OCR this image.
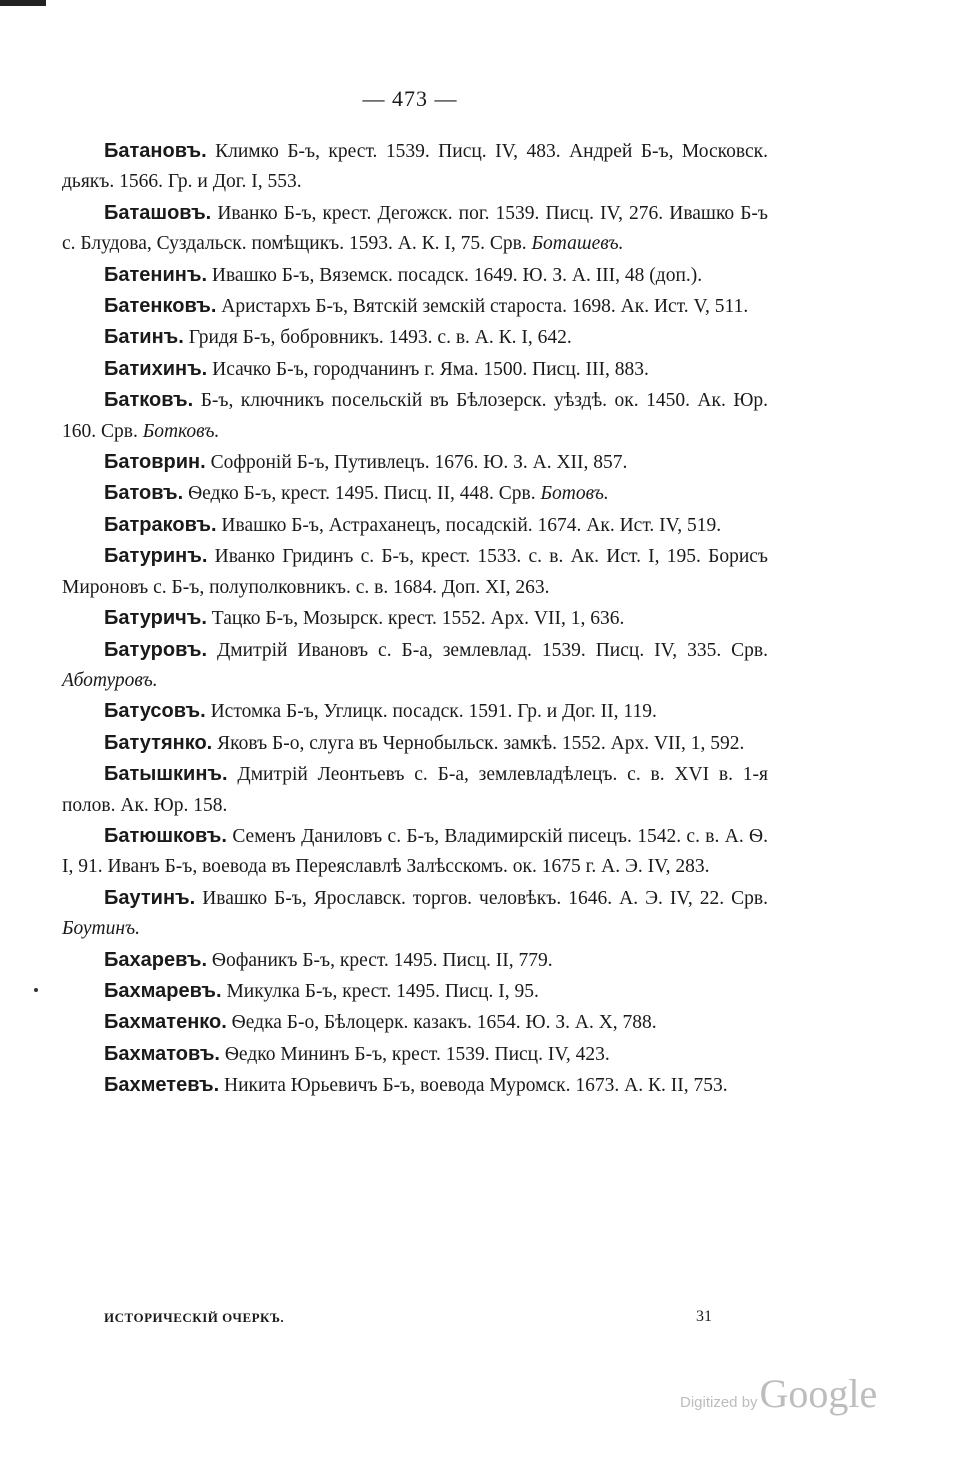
— 473 —

Батановъ. Климко Б-ъ, крест. 1539. Писц. IV, 483. Андрей Б-ъ, Московск. дьякъ. 1566. Гр. и Дог. I, 553.

Баташовъ. Иванко Б-ъ, крест. Дегожск. пог. 1539. Писц. IV, 276. Ивашко Б-ъ с. Блудова, Суздальск. помѣщикъ. 1593. А. К. I, 75. Срв. Боташевъ.

Батенинъ. Ивашко Б-ъ, Вяземск. посадск. 1649. Ю. З. А. III, 48 (доп.).

Батенковъ. Аристархъ Б-ъ, Вятскій земскій староста. 1698. Ак. Ист. V, 511.

Батинъ. Гридя Б-ъ, бобровникъ. 1493. с. в. А. К. I, 642.

Батихинъ. Исачко Б-ъ, городчанинъ г. Яма. 1500. Писц. III, 883.

Батковъ. Б-ъ, ключникъ посельскій въ Бѣлозерск. уѣздѣ. ок. 1450. Ак. Юр. 160. Срв. Ботковъ.

Батоврин. Софроній Б-ъ, Путивлецъ. 1676. Ю. З. А. XII, 857.

Батовъ. Ѳедко Б-ъ, крест. 1495. Писц. II, 448. Срв. Ботовъ.

Батраковъ. Ивашко Б-ъ, Астраханецъ, посадскій. 1674. Ак. Ист. IV, 519.

Батуринъ. Иванко Гридинъ с. Б-ъ, крест. 1533. с. в. Ак. Ист. I, 195. Борисъ Мироновъ с. Б-ъ, полуполковникъ. с. в. 1684. Доп. XI, 263.

Батуричъ. Тацко Б-ъ, Мозырск. крест. 1552. Арх. VII, 1, 636.

Батуровъ. Дмитрій Ивановъ с. Б-а, землевлад. 1539. Писц. IV, 335. Срв. Аботуровъ.

Батусовъ. Истомка Б-ъ, Углицк. посадск. 1591. Гр. и Дог. II, 119.

Батутянко. Яковъ Б-о, слуга въ Чернобыльск. замкѣ. 1552. Арх. VII, 1, 592.

Батышкинъ. Дмитрій Леонтьевъ с. Б-а, землевладѣлецъ. с. в. XVI в. 1-я полов. Ак. Юр. 158.

Батюшковъ. Семенъ Даниловъ с. Б-ъ, Владимирскій писецъ. 1542. с. в. А. Ѳ. I, 91. Иванъ Б-ъ, воевода въ Переяславлѣ Залѣсскомъ. ок. 1675 г. А. Э. IV, 283.

Баутинъ. Ивашко Б-ъ, Ярославск. торгов. человѣкъ. 1646. А. Э. IV, 22. Срв. Боутинъ.

Бахаревъ. Ѳофаникъ Б-ъ, крест. 1495. Писц. II, 779.

Бахмаревъ. Микулка Б-ъ, крест. 1495. Писц. I, 95.

Бахматенко. Ѳедка Б-о, Бѣлоцерк. казакъ. 1654. Ю. З. А. X, 788.

Бахматовъ. Ѳедко Мининъ Б-ъ, крест. 1539. Писц. IV, 423.

Бахметевъ. Никита Юрьевичъ Б-ъ, воевода Муромск. 1673. А. К. II, 753.

ИСТОРИЧЕСКІЙ ОЧЕРКЪ.	31
Digitized byGoogle
